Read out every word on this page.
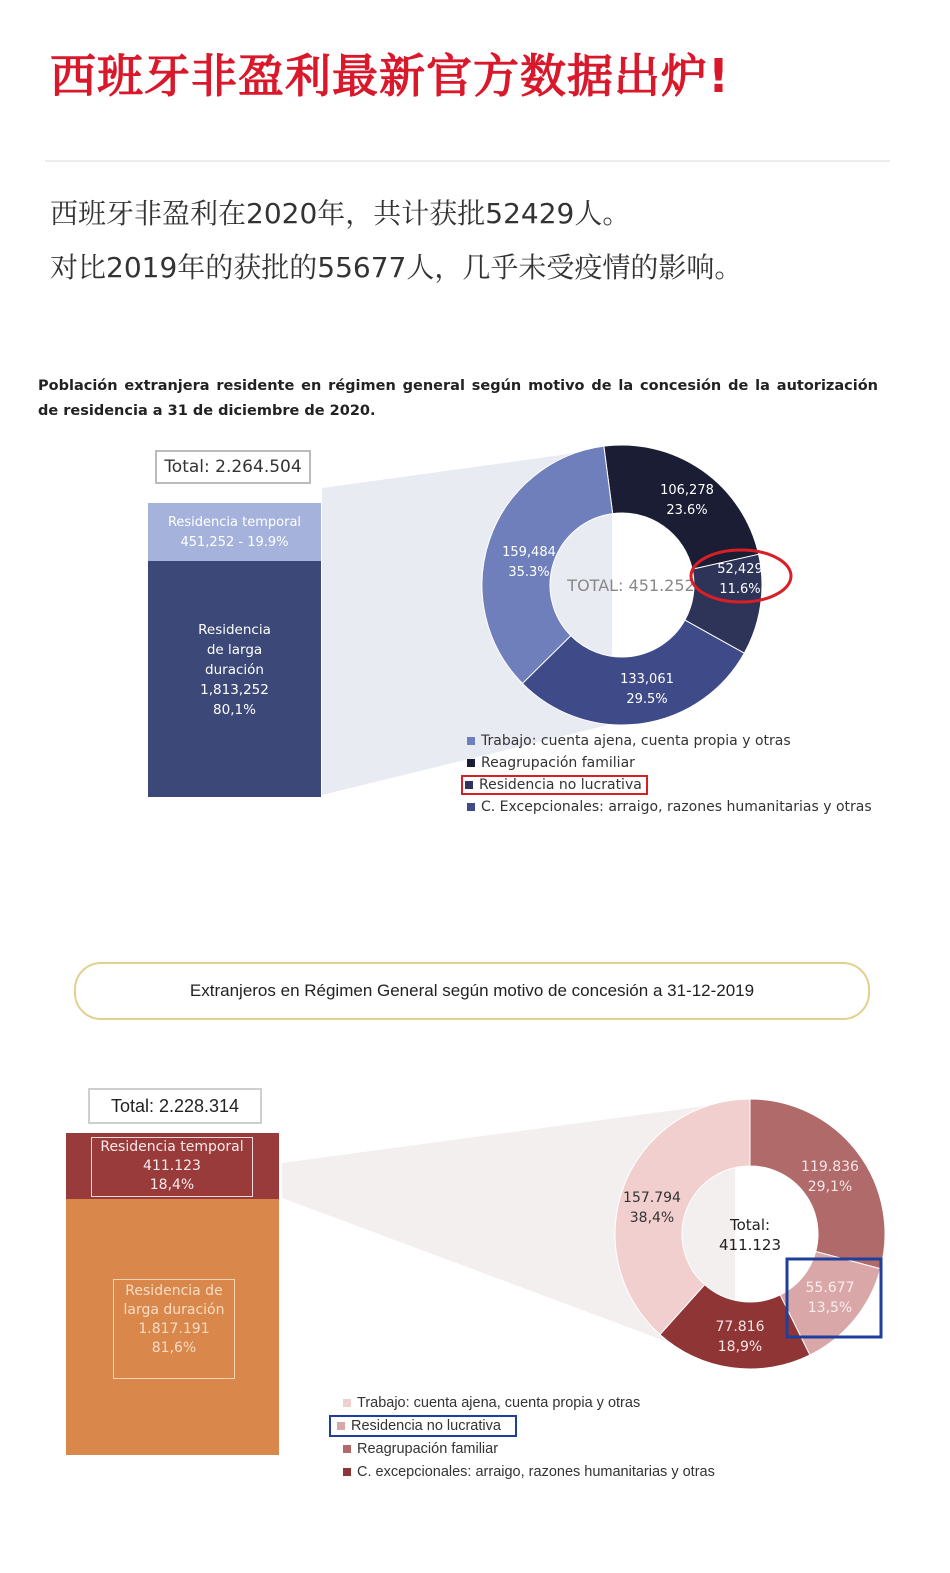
西班牙非盈利最新官方数据出炉!
西班牙非盈利在2020年，共计获批52429人。
对比2019年的获批的55677人，几乎未受疫情的影响。
Población extranjera residente en régimen general según motivo de la concesión de la autorización de residencia a 31 de diciembre de 2020.
Total: 2.264.504
Residencia temporal
451,252 - 19.9%
Residencia
de larga
duración
1,813,252
80,1%
TOTAL: 451.252
159,484
35.3%
106,278
23.6%
52,429
11.6%
133,061
29.5%
Trabajo: cuenta ajena, cuenta propia y otras
Reagrupación familiar
Residencia no lucrativa
C. Excepcionales: arraigo, razones humanitarias y otras
Extranjeros en Régimen General según motivo de concesión a 31-12-2019
Total: 2.228.314
Residencia temporal
411.123
18,4%
Residencia de
larga duración
1.817.191
81,6%
Total:
411.123
157.794
38,4%
119.836
29,1%
55.677
13,5%
77.816
18,9%
Trabajo: cuenta ajena, cuenta propia y otras
Residencia no lucrativa
Reagrupación familiar
C. excepcionales: arraigo, razones humanitarias y otras
